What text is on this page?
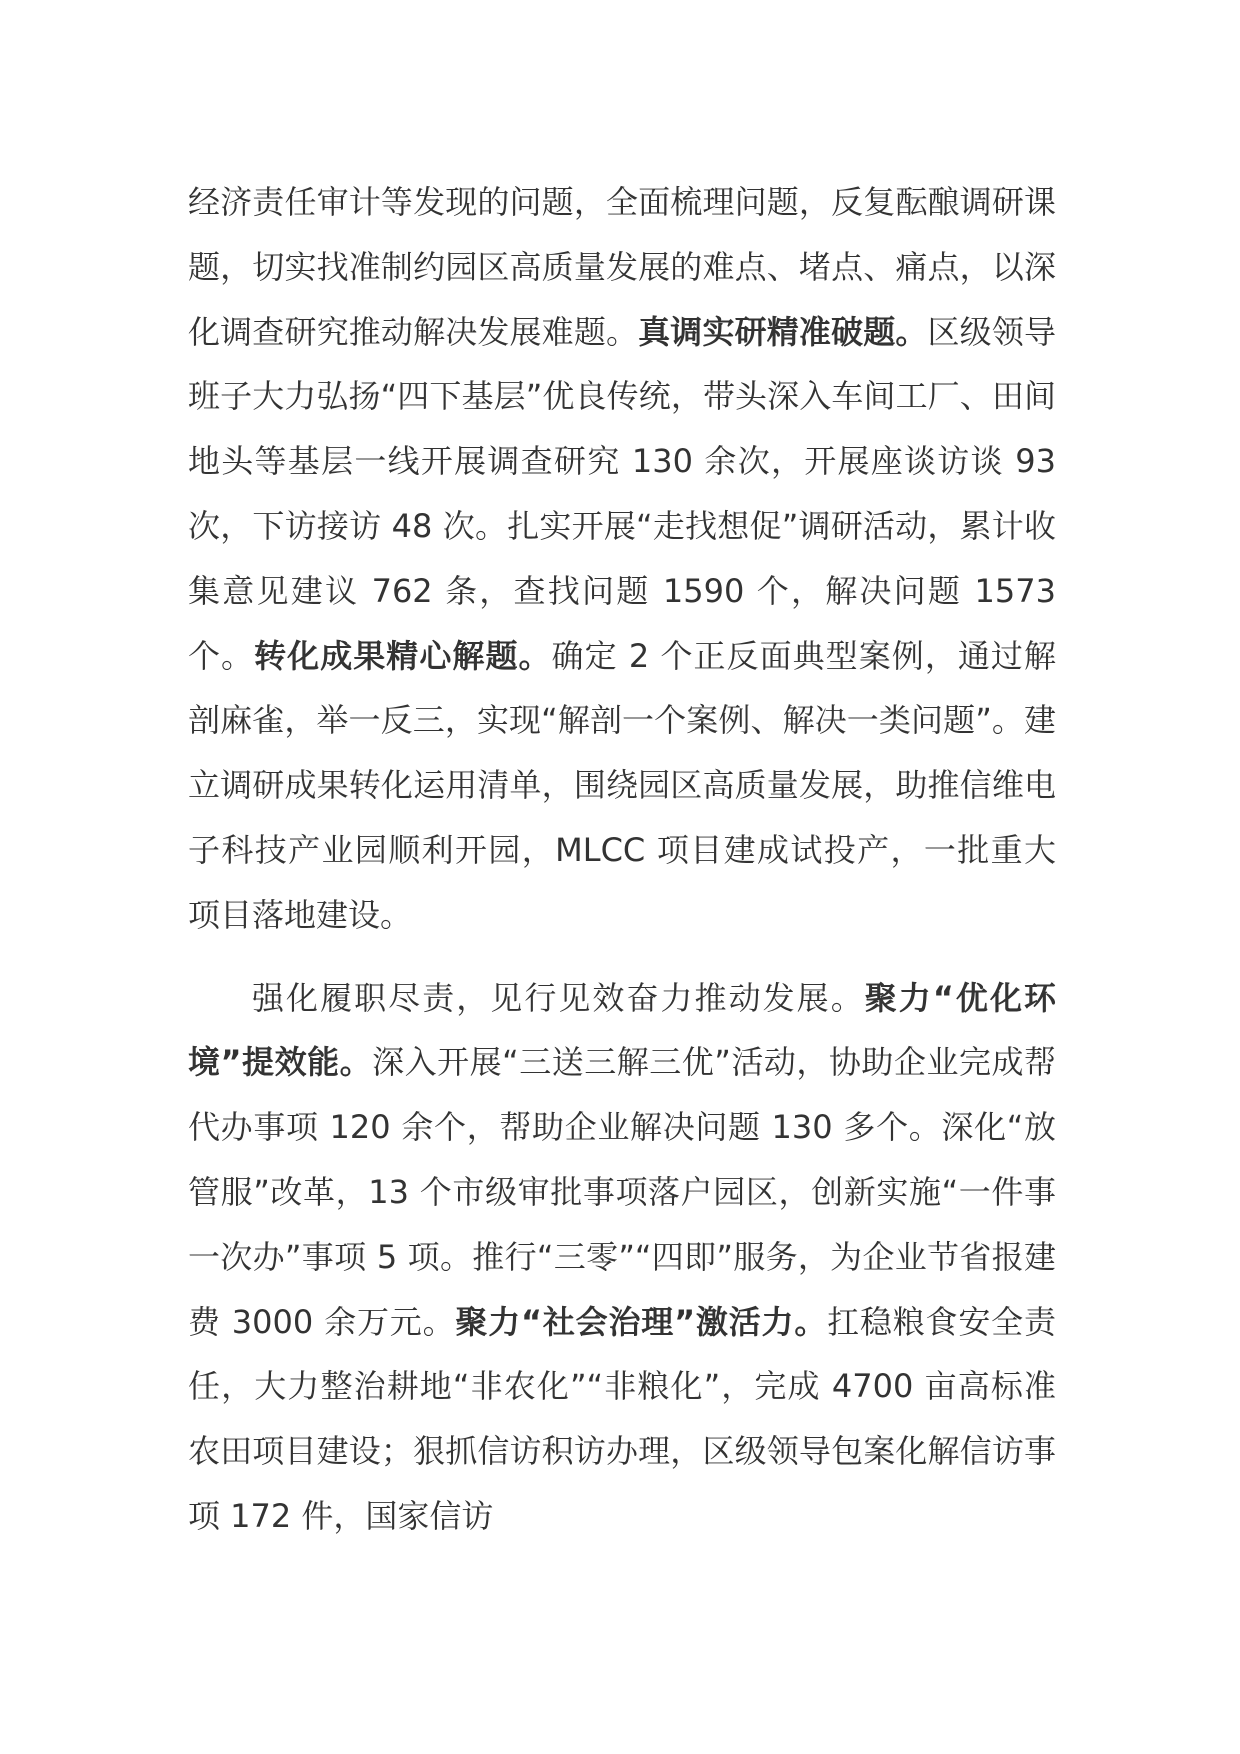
经济责任审计等发现的问题，全面梳理问题，反复酝酿调研课题，切实找准制约园区高质量发展的难点、堵点、痛点，以深化调查研究推动解决发展难题。真调实研精准破题。区级领导班子大力弘扬“四下基层”优良传统，带头深入车间工厂、田间地头等基层一线开展调查研究 130 余次，开展座谈访谈 93 次，下访接访 48 次。扎实开展“走找想促”调研活动，累计收集意见建议 762 条，查找问题 1590 个，解决问题 1573 个。转化成果精心解题。确定 2 个正反面典型案例，通过解剖麻雀，举一反三，实现“解剖一个案例、解决一类问题”。建立调研成果转化运用清单，围绕园区高质量发展，助推信维电子科技产业园顺利开园，MLCC 项目建成试投产，一批重大项目落地建设。

强化履职尽责，见行见效奋力推动发展。聚力“优化环境”提效能。深入开展“三送三解三优”活动，协助企业完成帮代办事项 120 余个，帮助企业解决问题 130 多个。深化“放管服”改革，13 个市级审批事项落户园区，创新实施“一件事一次办”事项 5 项。推行“三零”“四即”服务，为企业节省报建费 3000 余万元。聚力“社会治理”激活力。扛稳粮食安全责任，大力整治耕地“非农化”“非粮化”，完成 4700 亩高标准农田项目建设；狠抓信访积访办理，区级领导包案化解信访事项 172 件，国家信访
